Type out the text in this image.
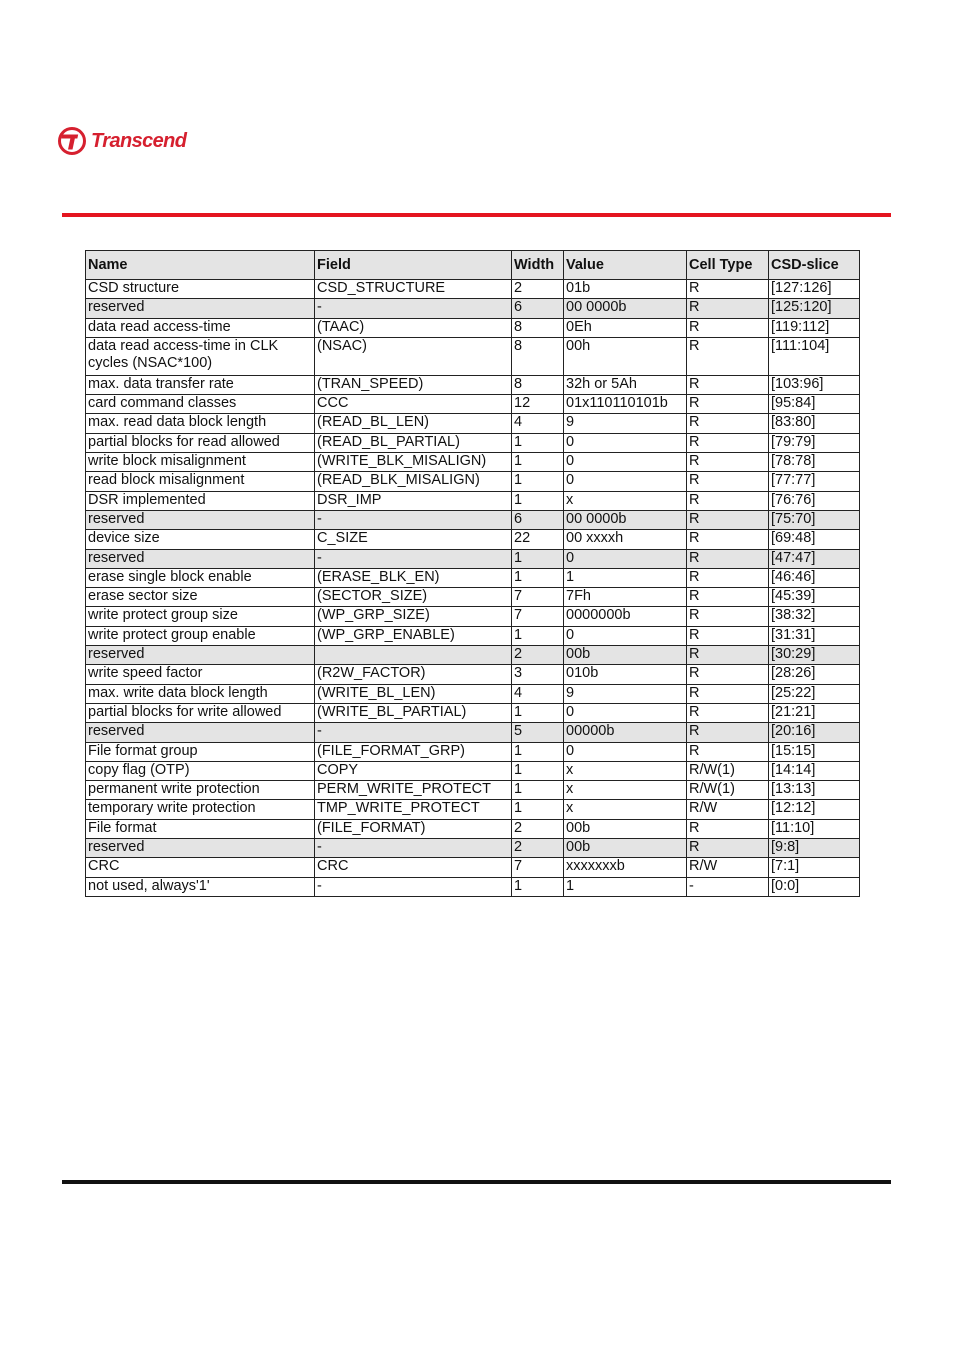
Transcend
Name	Field	Width	Value	Cell Type	CSD-slice
CSD structure	CSD_STRUCTURE	2	01b	R	[127:126]
reserved	-	6	00 0000b	R	[125:120]
data read access-time	(TAAC)	8	0Eh	R	[119:112]
data read access-time in CLK cycles (NSAC*100)	(NSAC)	8	00h	R	[111:104]
max. data transfer rate	(TRAN_SPEED)	8	32h or 5Ah	R	[103:96]
card command classes	CCC	12	01x110110101b	R	[95:84]
max. read data block length	(READ_BL_LEN)	4	9	R	[83:80]
partial blocks for read allowed	(READ_BL_PARTIAL)	1	0	R	[79:79]
write block misalignment	(WRITE_BLK_MISALIGN)	1	0	R	[78:78]
read block misalignment	(READ_BLK_MISALIGN)	1	0	R	[77:77]
DSR implemented	DSR_IMP	1	x	R	[76:76]
reserved	-	6	00 0000b	R	[75:70]
device size	C_SIZE	22	00 xxxxh	R	[69:48]
reserved	-	1	0	R	[47:47]
erase single block enable	(ERASE_BLK_EN)	1	1	R	[46:46]
erase sector size	(SECTOR_SIZE)	7	7Fh	R	[45:39]
write protect group size	(WP_GRP_SIZE)	7	0000000b	R	[38:32]
write protect group enable	(WP_GRP_ENABLE)	1	0	R	[31:31]
reserved		2	00b	R	[30:29]
write speed factor	(R2W_FACTOR)	3	010b	R	[28:26]
max. write data block length	(WRITE_BL_LEN)	4	9	R	[25:22]
partial blocks for write allowed	(WRITE_BL_PARTIAL)	1	0	R	[21:21]
reserved	-	5	00000b	R	[20:16]
File format group	(FILE_FORMAT_GRP)	1	0	R	[15:15]
copy flag (OTP)	COPY	1	x	R/W(1)	[14:14]
permanent write protection	PERM_WRITE_PROTECT	1	x	R/W(1)	[13:13]
temporary write protection	TMP_WRITE_PROTECT	1	x	R/W	[12:12]
File format	(FILE_FORMAT)	2	00b	R	[11:10]
reserved	-	2	00b	R	[9:8]
CRC	CRC	7	xxxxxxxb	R/W	[7:1]
not used, always'1'	-	1	1	-	[0:0]
